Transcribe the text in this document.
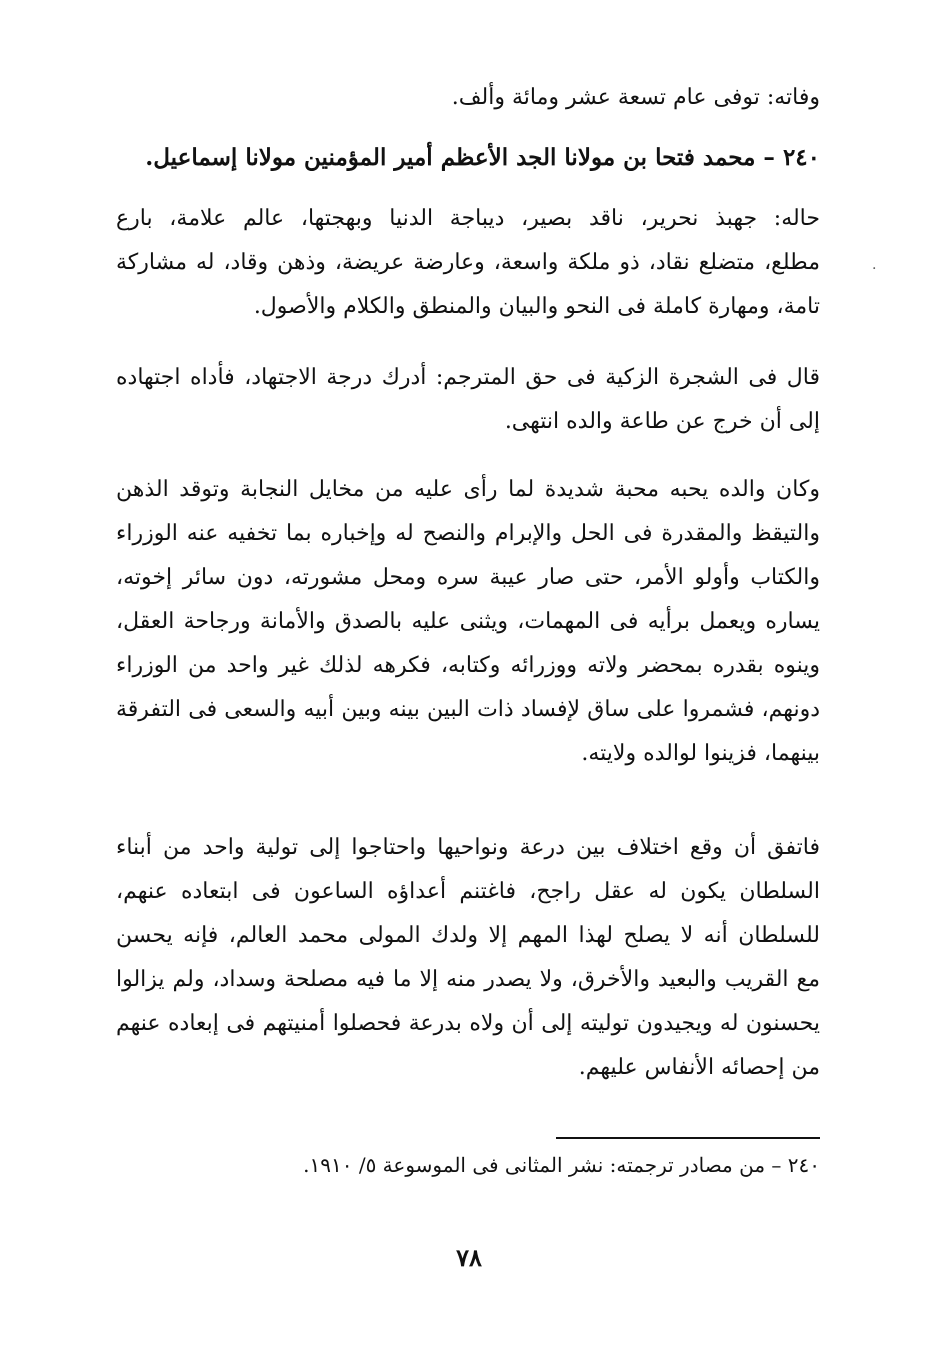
وفاته: توفى عام تسعة عشر ومائة وألف.
٢٤٠ – محمد فتحا بن مولانا الجد الأعظم أمير المؤمنين مولانا إسماعيل.
حاله: جهبذ نحرير، ناقد بصير، ديباجة الدنيا وبهجتها، عالم علامة، بارع
مطلع، متضلع نقاد، ذو ملكة واسعة، وعارضة عريضة، وذهن وقاد، له مشاركة
تامة، ومهارة كاملة فى النحو والبيان والمنطق والكلام والأصول.
قال فى الشجرة الزكية فى حق المترجم: أدرك درجة الاجتهاد، فأداه اجتهاده
إلى أن خرج عن طاعة والده انتهى.
وكان والده يحبه محبة شديدة لما رأى عليه من مخايل النجابة وتوقد الذهن
والتيقظ والمقدرة فى الحل والإبرام والنصح له وإخباره بما تخفيه عنه الوزراء
والكتاب وأولو الأمر، حتى صار عيبة سره ومحل مشورته، دون سائر إخوته،
يساره ويعمل برأيه فى المهمات، ويثنى عليه بالصدق والأمانة ورجاحة العقل،
وينوه بقدره بمحضر ولاته ووزرائه وكتابه، فكرهه لذلك غير واحد من الوزراء
دونهم، فشمروا على ساق لإفساد ذات البين بينه وبين أبيه والسعى فى التفرقة
بينهما، فزينوا لوالده ولايته.
فاتفق أن وقع اختلاف بين درعة ونواحيها واحتاجوا إلى تولية واحد من أبناء
السلطان يكون له عقل راجح، فاغتنم أعداؤه الساعون فى ابتعاده عنهم،
للسلطان أنه لا يصلح لهذا المهم إلا ولدك المولى محمد العالم، فإنه يحسن
مع القريب والبعيد والأخرق، ولا يصدر منه إلا ما فيه مصلحة وسداد، ولم يزالوا
يحسنون له ويجيدون توليته إلى أن ولاه بدرعة فحصلوا أمنيتهم فى إبعاده عنهم
من إحصائه الأنفاس عليهم.
٢٤٠ – من مصادر ترجمته: نشر المثانى فى الموسوعة ٥/ ١٩١٠.
٧٨
.
